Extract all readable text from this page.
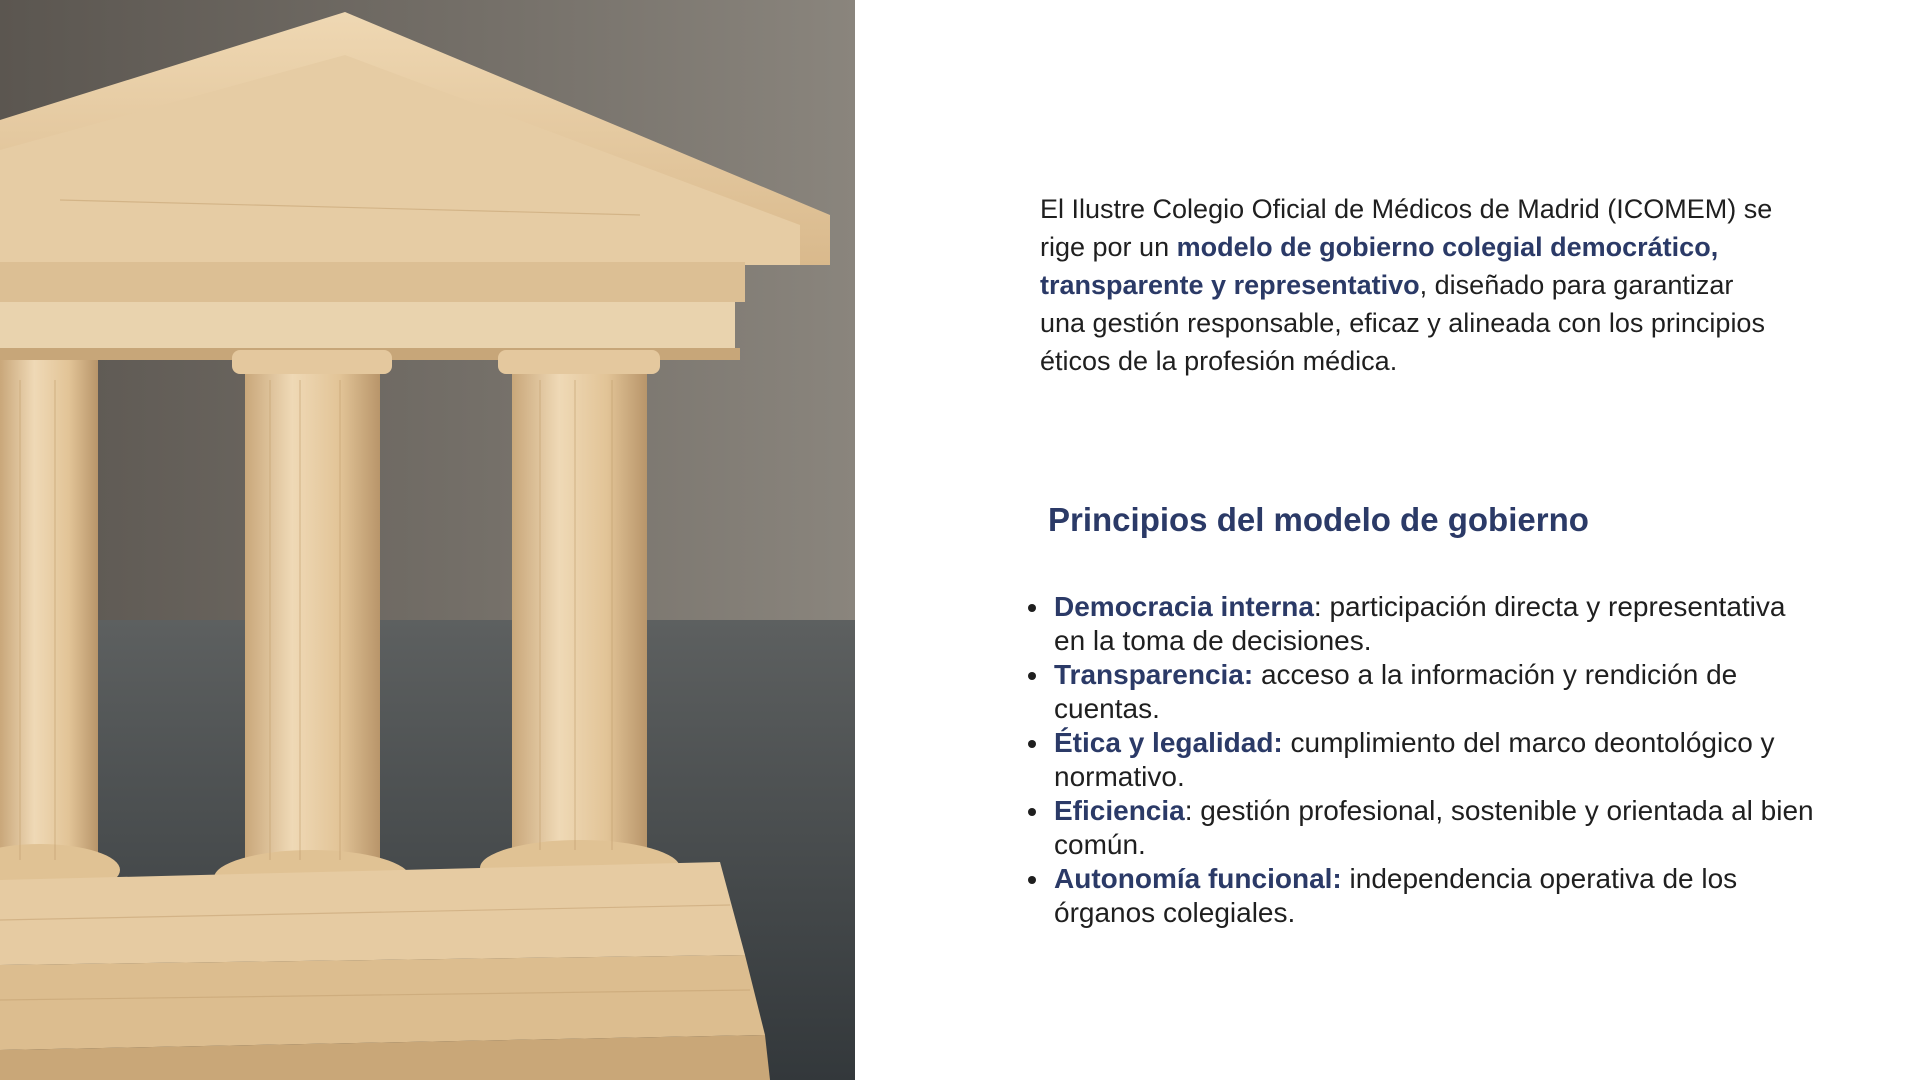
El Ilustre Colegio Oficial de Médicos de Madrid (ICOMEM) se rige por un modelo de gobierno colegial democrático, transparente y representativo, diseñado para garantizar una gestión responsable, eficaz y alineada con los principios éticos de la profesión médica.

Principios del modelo de gobierno
Democracia interna: participación directa y representativa en la toma de decisiones.
Transparencia: acceso a la información y rendición de cuentas.
Ética y legalidad: cumplimiento del marco deontológico y normativo.
Eficiencia: gestión profesional, sostenible y orientada al bien común.
Autonomía funcional: independencia operativa de los órganos colegiales.
